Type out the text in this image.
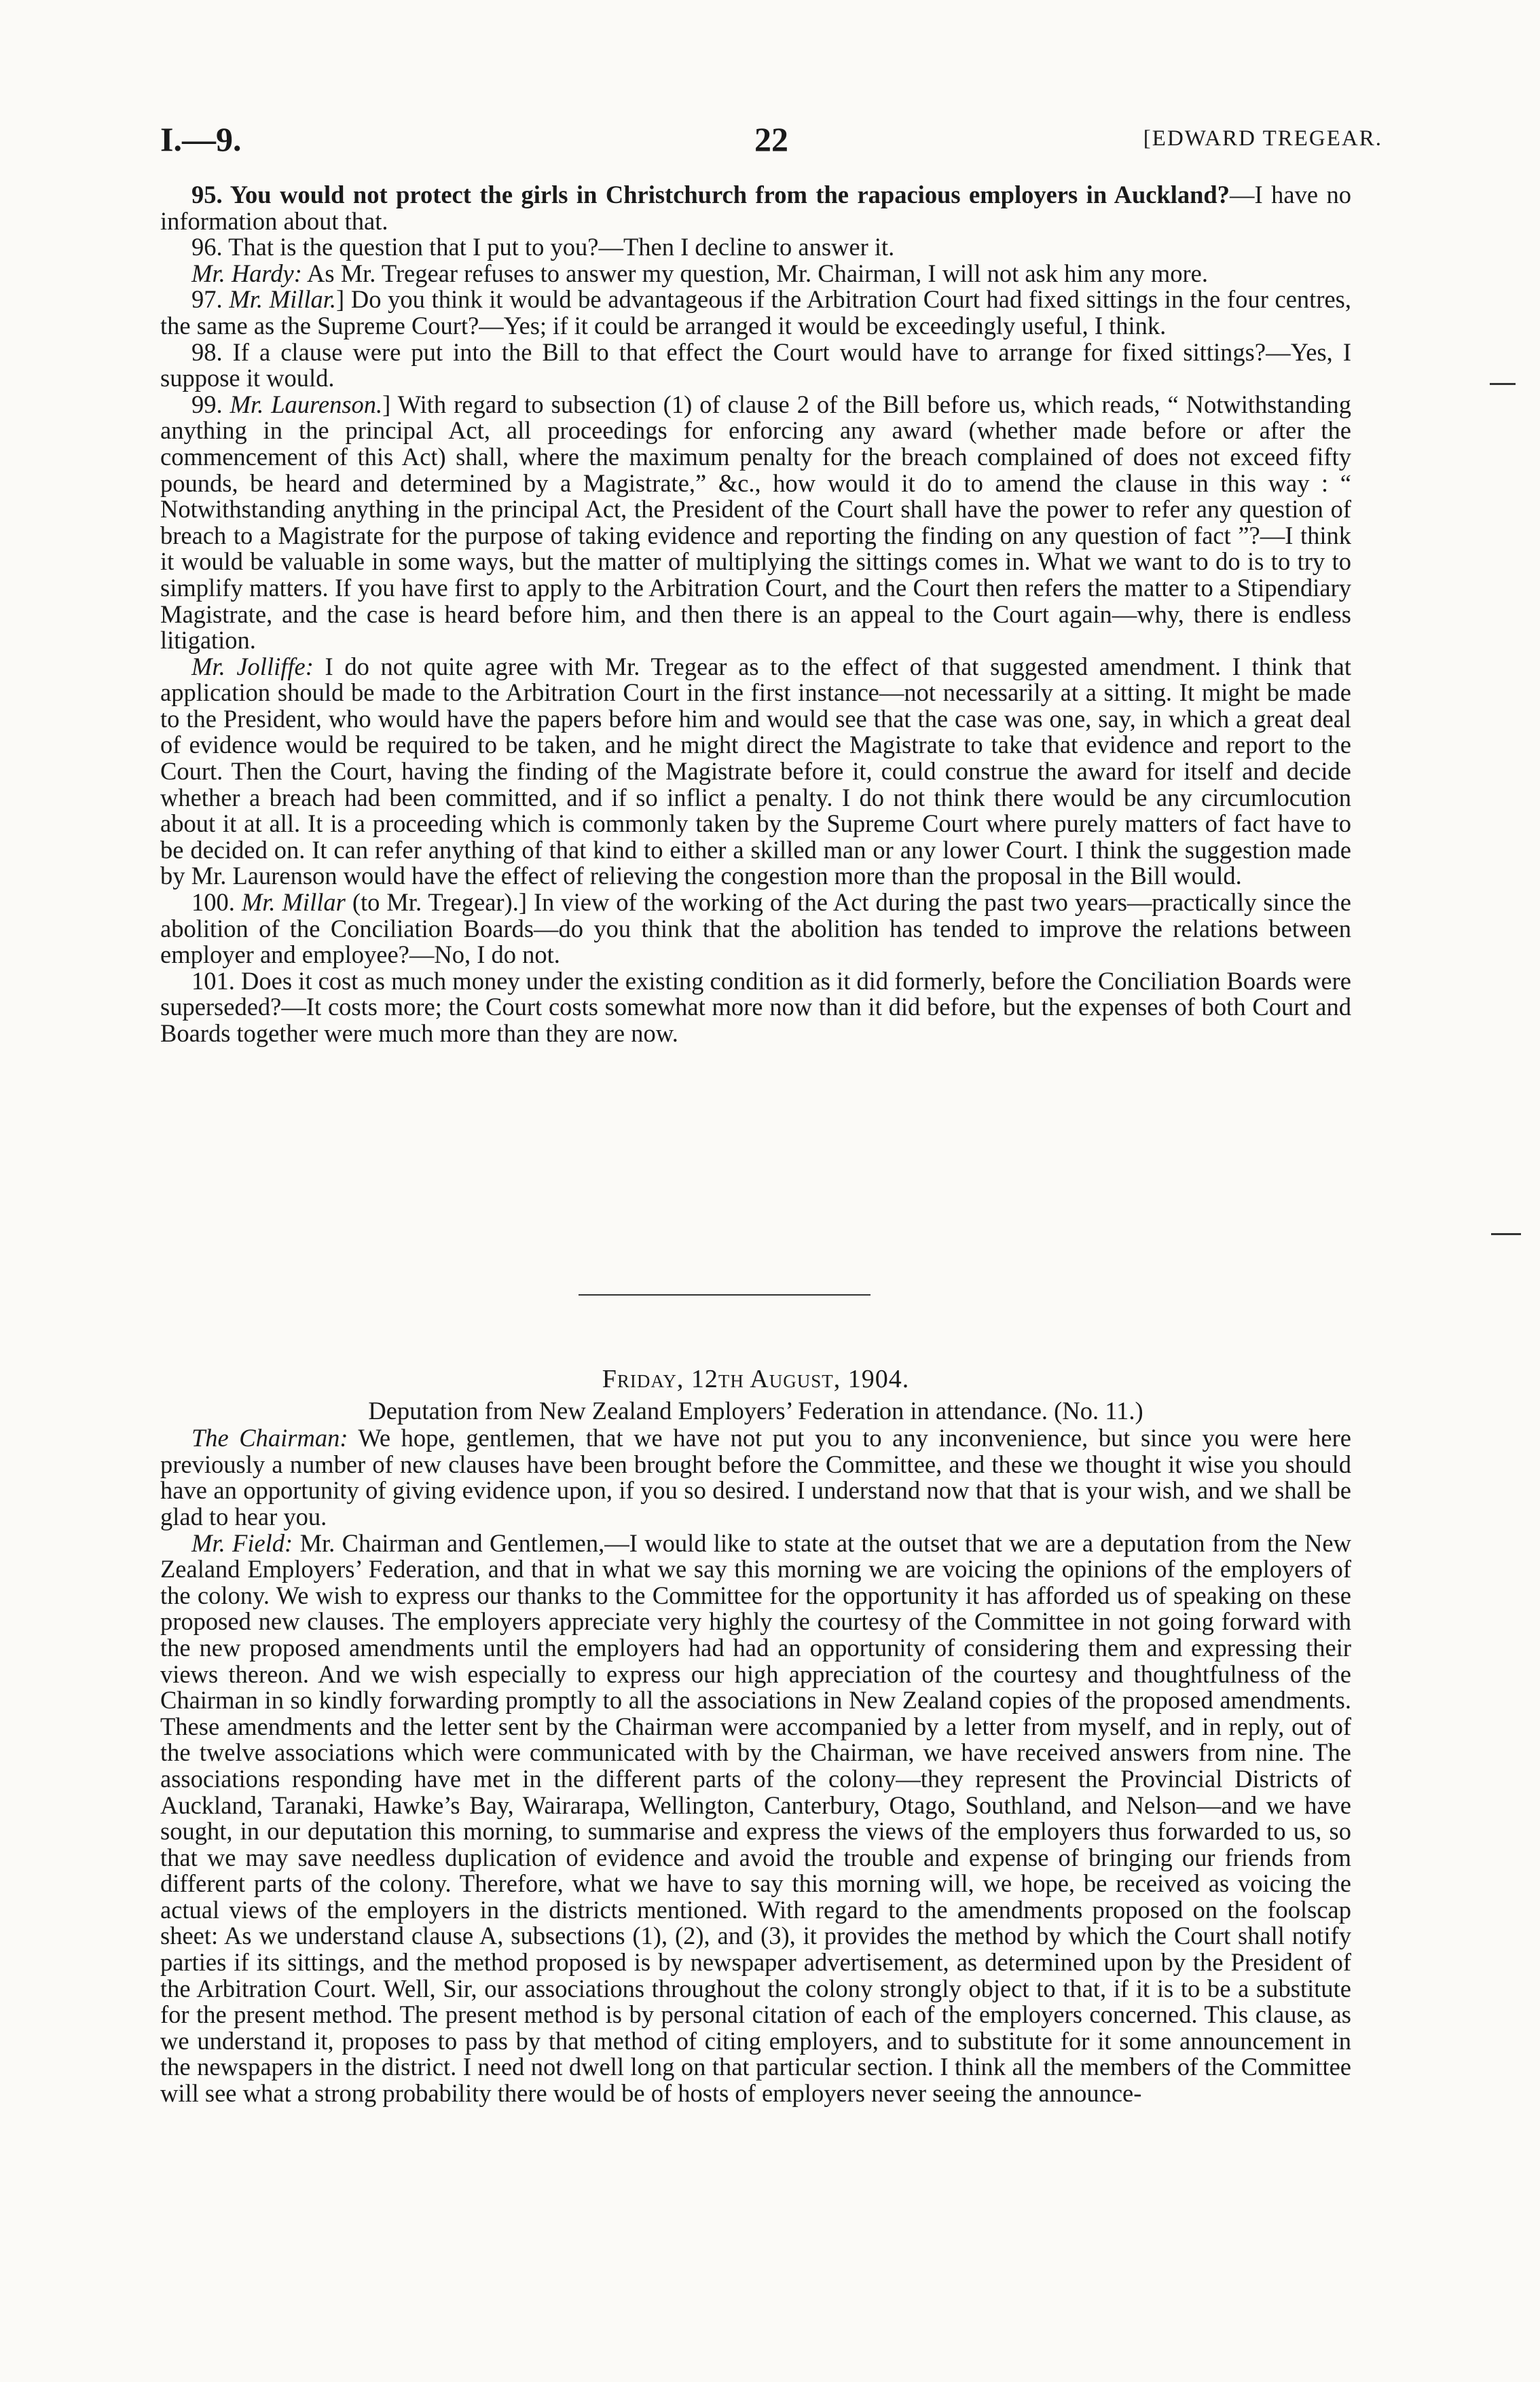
22
I.—9.	[EDWARD TREGEAR.

95. You would not protect the girls in Christchurch from the rapacious employers in Auckland?—I have no information about that.

96. That is the question that I put to you?—Then I decline to answer it.

Mr. Hardy: As Mr. Tregear refuses to answer my question, Mr. Chairman, I will not ask him any more.

97. Mr. Millar.] Do you think it would be advantageous if the Arbitration Court had fixed sittings in the four centres, the same as the Supreme Court?—Yes; if it could be arranged it would be exceedingly useful, I think.

98. If a clause were put into the Bill to that effect the Court would have to arrange for fixed sittings?—Yes, I suppose it would.

99. Mr. Laurenson.] With regard to subsection (1) of clause 2 of the Bill before us, which reads, “ Notwithstanding anything in the principal Act, all proceedings for enforcing any award (whether made before or after the commencement of this Act) shall, where the maximum penalty for the breach complained of does not exceed fifty pounds, be heard and determined by a Magistrate,” &c., how would it do to amend the clause in this way : “ Notwithstanding anything in the principal Act, the President of the Court shall have the power to refer any question of breach to a Magistrate for the purpose of taking evidence and reporting the finding on any question of fact ”?—I think it would be valuable in some ways, but the matter of multiplying the sittings comes in. What we want to do is to try to simplify matters. If you have first to apply to the Arbitration Court, and the Court then refers the matter to a Stipendiary Magistrate, and the case is heard before him, and then there is an appeal to the Court again—why, there is endless litigation.

Mr. Jolliffe: I do not quite agree with Mr. Tregear as to the effect of that suggested amendment. I think that application should be made to the Arbitration Court in the first instance—not necessarily at a sitting. It might be made to the President, who would have the papers before him and would see that the case was one, say, in which a great deal of evidence would be required to be taken, and he might direct the Magistrate to take that evidence and report to the Court. Then the Court, having the finding of the Magistrate before it, could construe the award for itself and decide whether a breach had been committed, and if so inflict a penalty. I do not think there would be any circumlocution about it at all. It is a proceeding which is commonly taken by the Supreme Court where purely matters of fact have to be decided on. It can refer anything of that kind to either a skilled man or any lower Court. I think the suggestion made by Mr. Laurenson would have the effect of relieving the congestion more than the proposal in the Bill would.

100. Mr. Millar (to Mr. Tregear).] In view of the working of the Act during the past two years—practically since the abolition of the Conciliation Boards—do you think that the abolition has tended to improve the relations between employer and employee?—No, I do not.

101. Does it cost as much money under the existing condition as it did formerly, before the Conciliation Boards were superseded?—It costs more; the Court costs somewhat more now than it did before, but the expenses of both Court and Boards together were much more than they are now.

Friday, 12th August, 1904.

Deputation from New Zealand Employers’ Federation in attendance. (No. 11.)

The Chairman: We hope, gentlemen, that we have not put you to any inconvenience, but since you were here previously a number of new clauses have been brought before the Committee, and these we thought it wise you should have an opportunity of giving evidence upon, if you so desired. I understand now that that is your wish, and we shall be glad to hear you.

Mr. Field: Mr. Chairman and Gentlemen,—I would like to state at the outset that we are a deputation from the New Zealand Employers’ Federation, and that in what we say this morning we are voicing the opinions of the employers of the colony. We wish to express our thanks to the Committee for the opportunity it has afforded us of speaking on these proposed new clauses. The employers appreciate very highly the courtesy of the Committee in not going forward with the new proposed amendments until the employers had had an opportunity of considering them and expressing their views thereon. And we wish especially to express our high appreciation of the courtesy and thoughtfulness of the Chairman in so kindly forwarding promptly to all the associations in New Zealand copies of the proposed amendments. These amendments and the letter sent by the Chairman were accompanied by a letter from myself, and in reply, out of the twelve associations which were communicated with by the Chairman, we have received answers from nine. The associations responding have met in the different parts of the colony—they represent the Provincial Districts of Auckland, Taranaki, Hawke’s Bay, Wairarapa, Wellington, Canterbury, Otago, Southland, and Nelson—and we have sought, in our deputation this morning, to summarise and express the views of the employers thus forwarded to us, so that we may save needless duplication of evidence and avoid the trouble and expense of bringing our friends from different parts of the colony. Therefore, what we have to say this morning will, we hope, be received as voicing the actual views of the employers in the districts mentioned. With regard to the amendments proposed on the foolscap sheet: As we understand clause A, subsections (1), (2), and (3), it provides the method by which the Court shall notify parties if its sittings, and the method proposed is by newspaper advertisement, as determined upon by the President of the Arbitration Court. Well, Sir, our associations throughout the colony strongly object to that, if it is to be a substitute for the present method. The present method is by personal citation of each of the employers concerned. This clause, as we understand it, proposes to pass by that method of citing employers, and to substitute for it some announcement in the newspapers in the district. I need not dwell long on that particular section. I think all the members of the Committee will see what a strong probability there would be of hosts of employers never seeing the announce-
